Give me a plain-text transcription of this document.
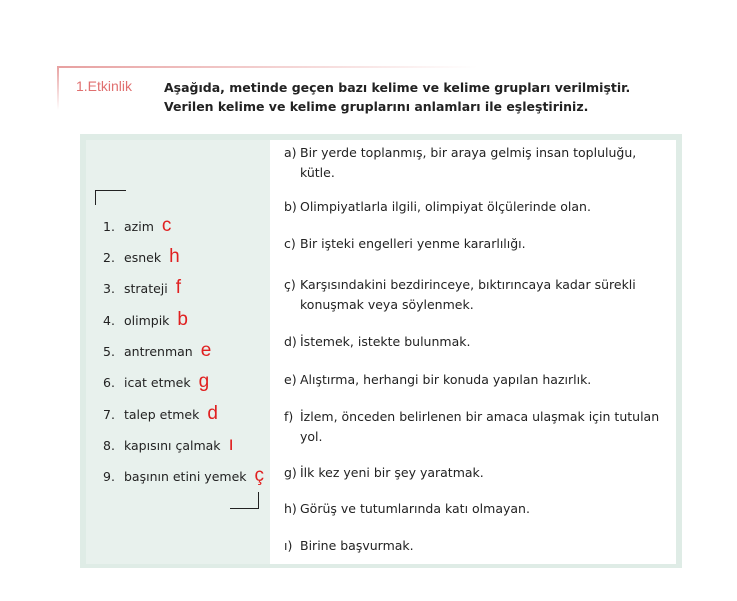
1.Etkinlik	Aşağıda, metinde geçen bazı kelime ve kelime grupları verilmiştir. Verilen kelime ve kelime gruplarını anlamları ile eşleştiriniz.
1. azim c
2. esnek h
3. strateji f
4. olimpik b
5. antrenman e
6. icat etmek g
7. talep etmek d
8. kapısını çalmak ı
9. başının etini yemek ç
a) Bir yerde toplanmış, bir araya gelmiş insan topluluğu, kütle.
b) Olimpiyatlarla ilgili, olimpiyat ölçülerinde olan.
c) Bir işteki engelleri yenme kararlılığı.
ç) Karşısındakini bezdirinceye, bıktırıncaya kadar sürekli konuşmak veya söylenmek.
d) İstemek, istekte bulunmak.
e) Alıştırma, herhangi bir konuda yapılan hazırlık.
f) İzlem, önceden belirlenen bir amaca ulaşmak için tutulan yol.
g) İlk kez yeni bir şey yaratmak.
h) Görüş ve tutumlarında katı olmayan.
ı) Birine başvurmak.
